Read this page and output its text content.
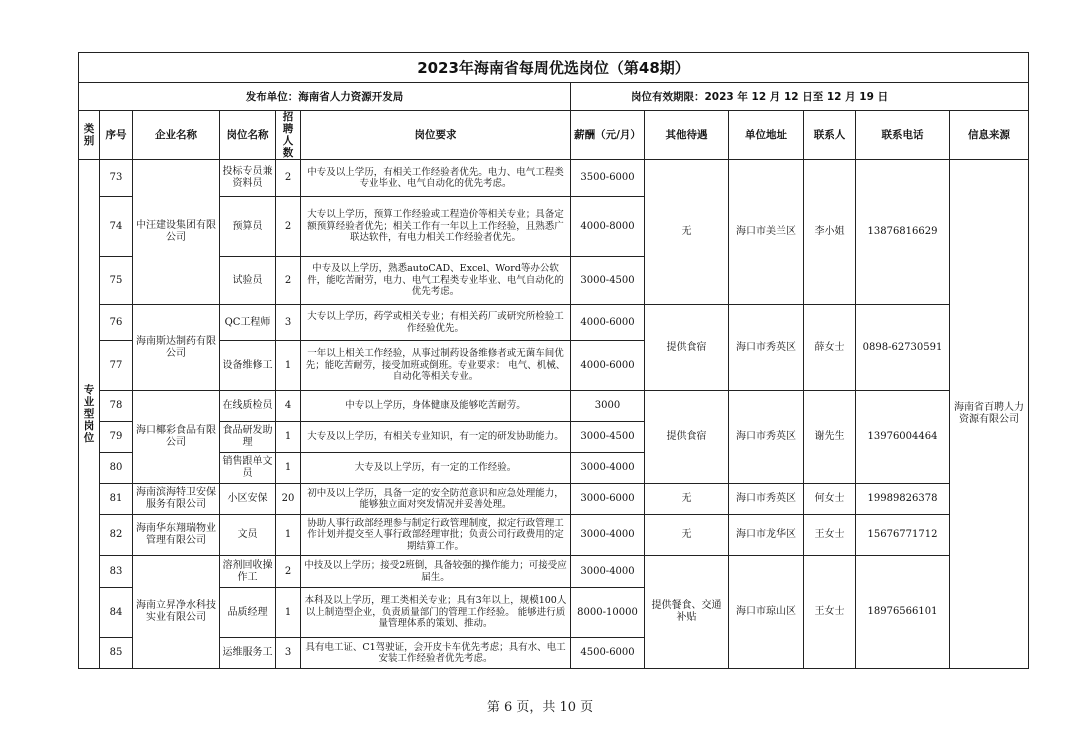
2023年海南省每周优选岗位（第48期）											
发布单位：海南省人力资源开发局						岗位有效期限：2023 年 12 月 12 日至 12 月 19 日					
类别	序号	企业名称	岗位名称	招聘人数	岗位要求	薪酬（元/月）	其他待遇	单位地址	联系人	联系电话	信息来源
专业型岗位	73	中汪建设集团有限公司	投标专员兼资料员	2	中专及以上学历，有相关工作经验者优先。电力、电气工程类专业毕业、电气自动化的优先考虑。	3500-6000	无	海口市美兰区	李小姐	13876816629	海南省百聘人力资源有限公司
	74		预算员	2	大专以上学历，预算工作经验或工程造价等相关专业；具备定额预算经验者优先；相关工作有一年以上工作经验，且熟悉广联达软件，有电力相关工作经验者优先。	4000-8000					
	75		试验员	2	中专及以上学历，熟悉autoCAD、Excel、Word等办公软件，能吃苦耐劳，电力、电气工程类专业毕业、电气自动化的优先考虑。	3000-4500					
	76	海南斯达制药有限公司	QC工程师	3	大专以上学历，药学或相关专业；有相关药厂或研究所检验工作经验优先。	4000-6000	提供食宿	海口市秀英区	薛女士	0898-62730591	
	77		设备维修工	1	一年以上相关工作经验，从事过制药设备维修者或无菌车间优先；能吃苦耐劳，接受加班或倒班。专业要求： 电气、机械、自动化等相关专业。	4000-6000					
	78	海口椰彩食品有限公司	在线质检员	4	中专以上学历，身体健康及能够吃苦耐劳。	3000	提供食宿	海口市秀英区	谢先生	13976004464	
	79		食品研发助理	1	大专及以上学历，有相关专业知识，有一定的研发协助能力。	3000-4500					
	80		销售跟单文员	1	大专及以上学历，有一定的工作经验。	3000-4000					
	81	海南滨海特卫安保服务有限公司	小区安保	20	初中及以上学历，具备一定的安全防范意识和应急处理能力，能够独立面对突发情况并妥善处理。	3000-6000	无	海口市秀英区	何女士	19989826378	
	82	海南华东翔瑞物业管理有限公司	文员	1	协助人事行政部经理参与制定行政管理制度，拟定行政管理工作计划并提交至人事行政部经理审批；负责公司行政费用的定期结算工作。	3000-4000	无	海口市龙华区	王女士	15676771712	
	83	海南立昇净水科技实业有限公司	溶剂回收操作工	2	中技及以上学历；接受2班倒，具备较强的操作能力；可接受应届生。	3000-4000	提供餐食、交通补贴	海口市琼山区	王女士	18976566101	
	84		品质经理	1	本科及以上学历，理工类相关专业；具有3年以上，规模100人以上制造型企业，负责质量部门的管理工作经验。 能够进行质量管理体系的策划、推动。	8000-10000					
	85		运维服务工	3	具有电工证、C1驾驶证，会开皮卡车优先考虑；具有水、电工安装工作经验者优先考虑。	4500-6000					
第 6 页，共 10 页
